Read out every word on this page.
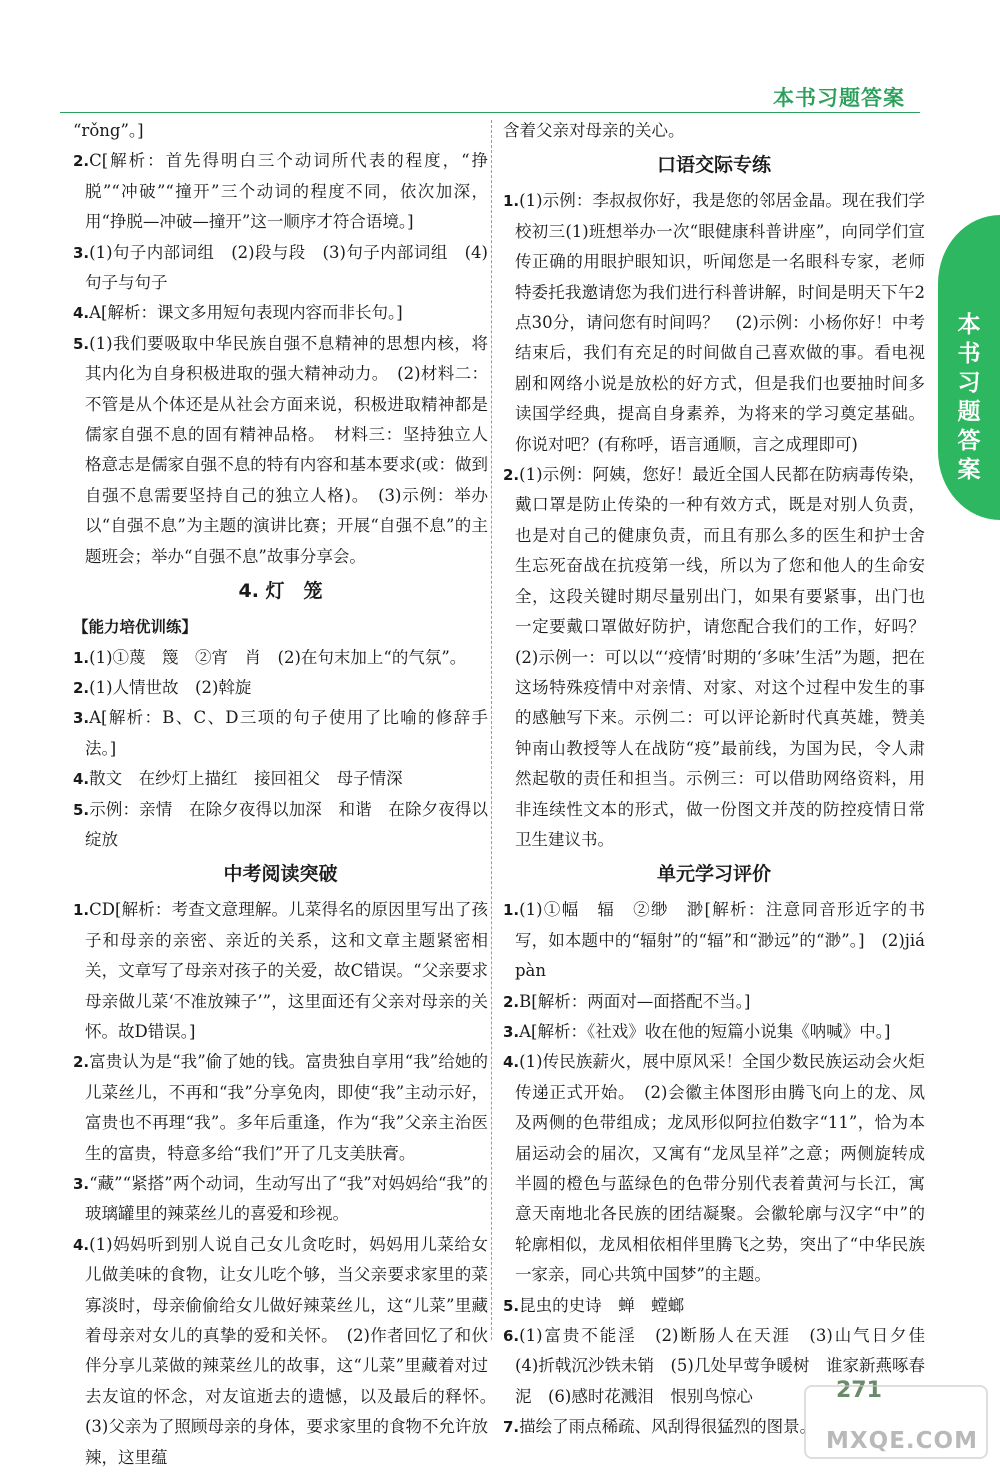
本书习题答案
本书习题答案

“rǒng”。]

2.C[解析：首先得明白三个动词所代表的程度，“挣脱”“冲破”“撞开”三个动词的程度不同，依次加深，用“挣脱—冲破—撞开”这一顺序才符合语境。]

3.(1)句子内部词组　(2)段与段　(3)句子内部词组　(4)句子与句子

4.A[解析：课文多用短句表现内容而非长句。]

5.(1)我们要吸取中华民族自强不息精神的思想内核，将其内化为自身积极进取的强大精神动力。　(2)材料二：不管是从个体还是从社会方面来说，积极进取精神都是儒家自强不息的固有精神品格。　材料三：坚持独立人格意志是儒家自强不息的特有内容和基本要求(或：做到自强不息需要坚持自己的独立人格)。　(3)示例：举办以“自强不息”为主题的演讲比赛；开展“自强不息”的主题班会；举办“自强不息”故事分享会。

4. 灯　笼

【能力培优训练】

1.(1)①蔑　篾　②宵　肖　(2)在句末加上“的气氛”。

2.(1)人情世故　(2)斡旋

3.A[解析：B、C、D三项的句子使用了比喻的修辞手法。]

4.散文　在纱灯上描红　接回祖父　母子情深

5.示例：亲情　在除夕夜得以加深　和谐　在除夕夜得以绽放

中考阅读突破

1.CD[解析：考查文意理解。儿菜得名的原因里写出了孩子和母亲的亲密、亲近的关系，这和文章主题紧密相关，文章写了母亲对孩子的关爱，故C错误。“父亲要求母亲做儿菜‘不准放辣子’”，这里面还有父亲对母亲的关怀。故D错误。]

2.富贵认为是“我”偷了她的钱。富贵独自享用“我”给她的儿菜丝儿，不再和“我”分享免肉，即使“我”主动示好，富贵也不再理“我”。多年后重逢，作为“我”父亲主治医生的富贵，特意多给“我们”开了几支美肤膏。

3.“藏”“紧搭”两个动词，生动写出了“我”对妈妈给“我”的玻璃罐里的辣菜丝儿的喜爱和珍视。

4.(1)妈妈听到别人说自己女儿贪吃时，妈妈用儿菜给女儿做美味的食物，让女儿吃个够，当父亲要求家里的菜寡淡时，母亲偷偷给女儿做好辣菜丝儿，这“儿菜”里藏着母亲对女儿的真挚的爱和关怀。　(2)作者回忆了和伙伴分享儿菜做的辣菜丝儿的故事，这“儿菜”里藏着对过去友谊的怀念，对友谊逝去的遗憾，以及最后的释怀。　(3)父亲为了照顾母亲的身体，要求家里的食物不允许放辣，这里蕴

含着父亲对母亲的关心。

口语交际专练

1.(1)示例：李叔叔你好，我是您的邻居金晶。现在我们学校初三(1)班想举办一次“眼健康科普讲座”，向同学们宣传正确的用眼护眼知识，听闻您是一名眼科专家，老师特委托我邀请您为我们进行科普讲解，时间是明天下午2点30分，请问您有时间吗？　(2)示例：小杨你好！中考结束后，我们有充足的时间做自己喜欢做的事。看电视剧和网络小说是放松的好方式，但是我们也要抽时间多读国学经典，提高自身素养，为将来的学习奠定基础。你说对吧？(有称呼，语言通顺，言之成理即可)

2.(1)示例：阿姨，您好！最近全国人民都在防病毒传染，戴口罩是防止传染的一种有效方式，既是对别人负责，也是对自己的健康负责，而且有那么多的医生和护士舍生忘死奋战在抗疫第一线，所以为了您和他人的生命安全，这段关键时期尽量别出门，如果有要紧事，出门也一定要戴口罩做好防护，请您配合我们的工作，好吗？　(2)示例一：可以以“‘疫情’时期的‘多味’生活”为题，把在这场特殊疫情中对亲情、对家、对这个过程中发生的事的感触写下来。示例二：可以评论新时代真英雄，赞美钟南山教授等人在战防“疫”最前线，为国为民，令人肃然起敬的责任和担当。示例三：可以借助网络资料，用非连续性文本的形式，做一份图文并茂的防控疫情日常卫生建议书。

单元学习评价

1.(1)①幅　辐　②缈　渺[解析：注意同音形近字的书写，如本题中的“辐射”的“辐”和“渺远”的“渺”。]　(2)jiá pàn

2.B[解析：两面对—面搭配不当。]

3.A[解析：《社戏》收在他的短篇小说集《呐喊》中。]

4.(1)传民族薪火，展中原风采！全国少数民族运动会火炬传递正式开始。　(2)会徽主体图形由腾飞向上的龙、凤及两侧的色带组成；龙凤形似阿拉伯数字“11”，恰为本届运动会的届次，又寓有“龙凤呈祥”之意；两侧旋转成半圆的橙色与蓝绿色的色带分别代表着黄河与长江，寓意天南地北各民族的团结凝聚。会徽轮廓与汉字“中”的轮廓相似，龙凤相依相伴里腾飞之势，突出了“中华民族一家亲，同心共筑中国梦”的主题。

5.昆虫的史诗　蝉　螳螂

6.(1)富贵不能淫　(2)断肠人在天涯　(3)山气日夕佳　(4)折戟沉沙铁未销　(5)几处早莺争暖树　谁家新燕啄春泥　(6)感时花溅泪　恨别鸟惊心

7.描绘了雨点稀疏、风刮得很猛烈的图景。

271
MXQE.COM
